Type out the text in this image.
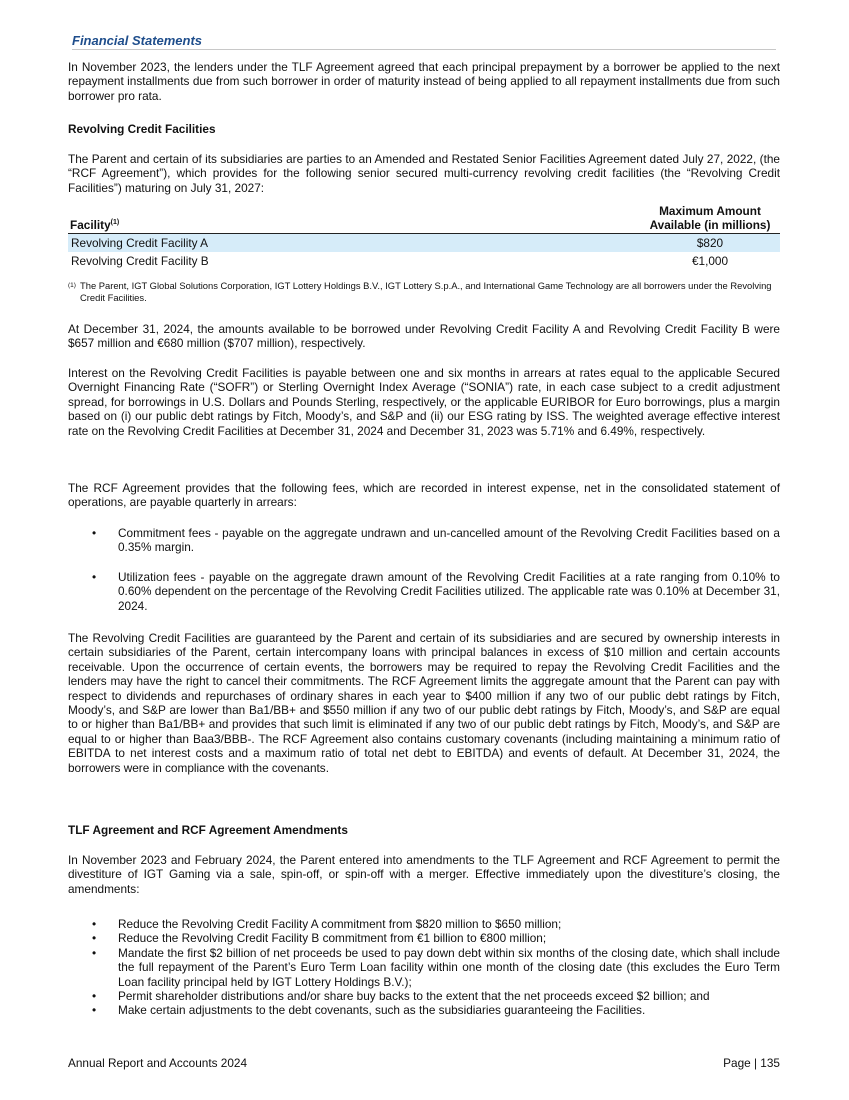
Financial Statements

In November 2023, the lenders under the TLF Agreement agreed that each principal prepayment by a borrower be applied to the next repayment installments due from such borrower in order of maturity instead of being applied to all repayment installments due from such borrower pro rata.

Revolving Credit Facilities

The Parent and certain of its subsidiaries are parties to an Amended and Restated Senior Facilities Agreement dated July 27, 2022, (the “RCF Agreement”), which provides for the following senior secured multi-currency revolving credit facilities (the “Revolving Credit Facilities”) maturing on July 31, 2027:

Facility$^{(1)}$
Maximum Amount
Available (in millions)
Revolving Credit Facility A	$820
Revolving Credit Facility B	€1,000
$^{(1)}$ The Parent, IGT Global Solutions Corporation, IGT Lottery Holdings B.V., IGT Lottery S.p.A., and International Game Technology are all borrowers under the Revolving Credit Facilities.

At December 31, 2024, the amounts available to be borrowed under Revolving Credit Facility A and Revolving Credit Facility B were $657 million and €680 million ($707 million), respectively.

Interest on the Revolving Credit Facilities is payable between one and six months in arrears at rates equal to the applicable Secured Overnight Financing Rate (“SOFR”) or Sterling Overnight Index Average (“SONIA”) rate, in each case subject to a credit adjustment spread, for borrowings in U.S. Dollars and Pounds Sterling, respectively, or the applicable EURIBOR for Euro borrowings, plus a margin based on (i) our public debt ratings by Fitch, Moody’s, and S&P and (ii) our ESG rating by ISS. The weighted average effective interest rate on the Revolving Credit Facilities at December 31, 2024 and December 31, 2023 was 5.71% and 6.49%, respectively.

The RCF Agreement provides that the following fees, which are recorded in interest expense, net in the consolidated statement of operations, are payable quarterly in arrears:

• Commitment fees - payable on the aggregate undrawn and un-cancelled amount of the Revolving Credit Facilities based on a 0.35% margin.
• Utilization fees - payable on the aggregate drawn amount of the Revolving Credit Facilities at a rate ranging from 0.10% to 0.60% dependent on the percentage of the Revolving Credit Facilities utilized. The applicable rate was 0.10% at December 31, 2024.

The Revolving Credit Facilities are guaranteed by the Parent and certain of its subsidiaries and are secured by ownership interests in certain subsidiaries of the Parent, certain intercompany loans with principal balances in excess of $10 million and certain accounts receivable. Upon the occurrence of certain events, the borrowers may be required to repay the Revolving Credit Facilities and the lenders may have the right to cancel their commitments. The RCF Agreement limits the aggregate amount that the Parent can pay with respect to dividends and repurchases of ordinary shares in each year to $400 million if any two of our public debt ratings by Fitch, Moody’s, and S&P are lower than Ba1/BB+ and $550 million if any two of our public debt ratings by Fitch, Moody’s, and S&P are equal to or higher than Ba1/BB+ and provides that such limit is eliminated if any two of our public debt ratings by Fitch, Moody’s, and S&P are equal to or higher than Baa3/BBB-. The RCF Agreement also contains customary covenants (including maintaining a minimum ratio of EBITDA to net interest costs and a maximum ratio of total net debt to EBITDA) and events of default. At December 31, 2024, the borrowers were in compliance with the covenants.

TLF Agreement and RCF Agreement Amendments

In November 2023 and February 2024, the Parent entered into amendments to the TLF Agreement and RCF Agreement to permit the divestiture of IGT Gaming via a sale, spin-off, or spin-off with a merger. Effective immediately upon the divestiture’s closing, the amendments:

• Reduce the Revolving Credit Facility A commitment from $820 million to $650 million;
• Reduce the Revolving Credit Facility B commitment from €1 billion to €800 million;
• Mandate the first $2 billion of net proceeds be used to pay down debt within six months of the closing date, which shall include the full repayment of the Parent’s Euro Term Loan facility within one month of the closing date (this excludes the Euro Term Loan facility principal held by IGT Lottery Holdings B.V.);
• Permit shareholder distributions and/or share buy backs to the extent that the net proceeds exceed $2 billion; and
• Make certain adjustments to the debt covenants, such as the subsidiaries guaranteeing the Facilities.
Annual Report and Accounts 2024	Page | 135
